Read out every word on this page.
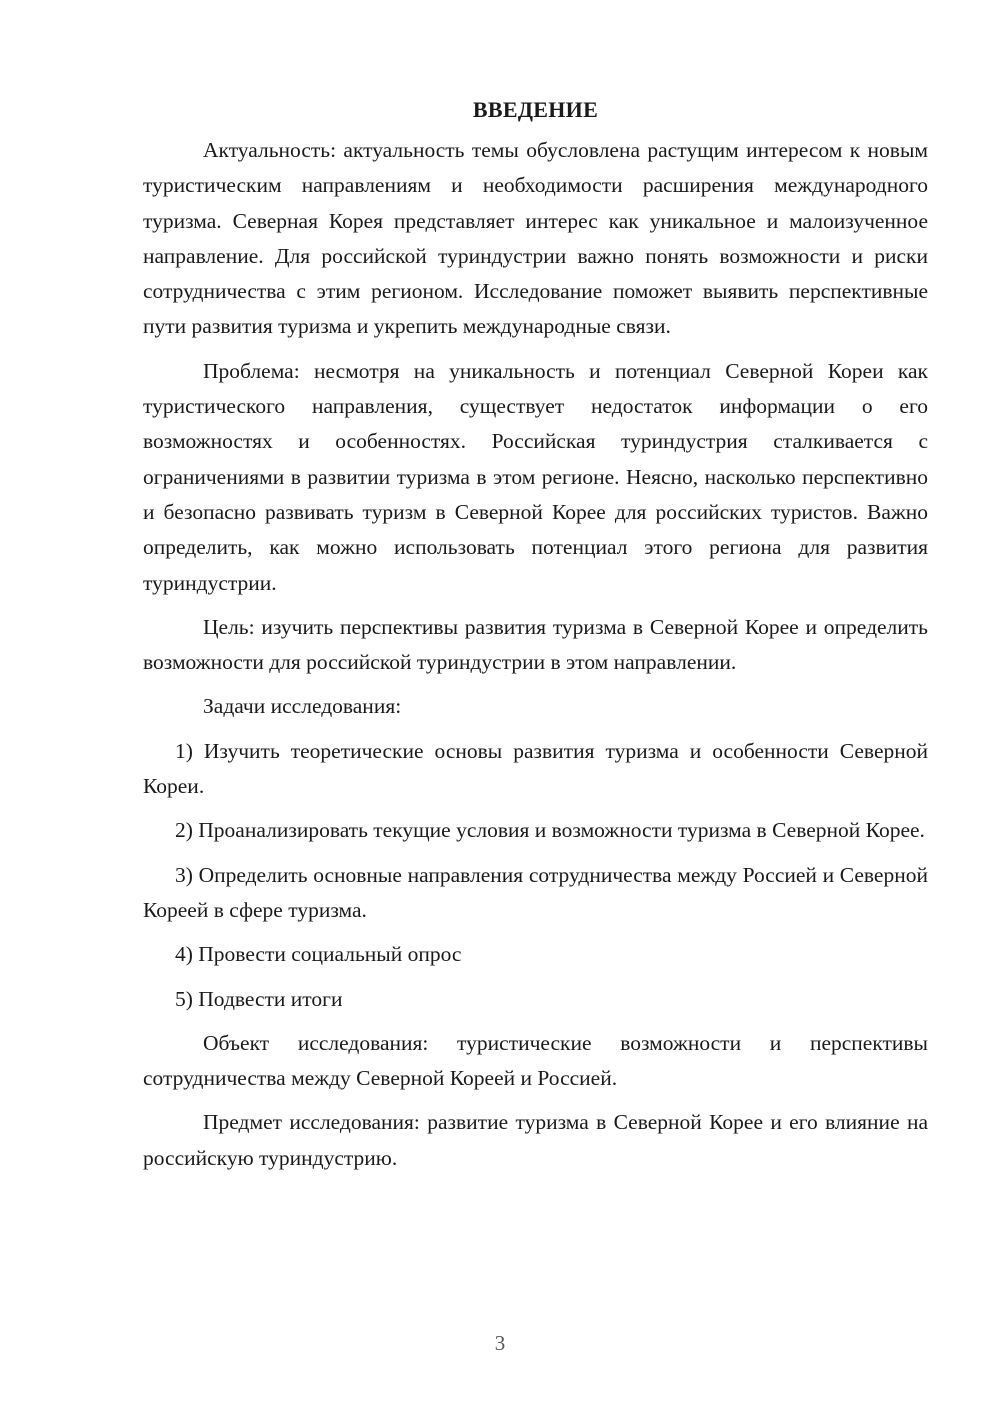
ВВЕДЕНИЕ

Актуальность: актуальность темы обусловлена растущим интересом к новым туристическим направлениям и необходимости расширения международного туризма. Северная Корея представляет интерес как уникальное и малоизученное направление. Для российской туриндустрии важно понять возможности и риски сотрудничества с этим регионом. Исследование поможет выявить перспективные пути развития туризма и укрепить международные связи.

Проблема: несмотря на уникальность и потенциал Северной Кореи как туристического направления, существует недостаток информации о его возможностях и особенностях. Российская туриндустрия сталкивается с ограничениями в развитии туризма в этом регионе. Неясно, насколько перспективно и безопасно развивать туризм в Северной Корее для российских туристов. Важно определить, как можно использовать потенциал этого региона для развития туриндустрии.

Цель: изучить перспективы развития туризма в Северной Корее и определить возможности для российской туриндустрии в этом направлении.

Задачи исследования:

1) Изучить теоретические основы развития туризма и особенности Северной Кореи.

2) Проанализировать текущие условия и возможности туризма в Северной Корее.

3) Определить основные направления сотрудничества между Россией и Северной Кореей в сфере туризма.

4) Провести социальный опрос

5) Подвести итоги

Объект исследования: туристические возможности и перспективы сотрудничества между Северной Кореей и Россией.

Предмет исследования: развитие туризма в Северной Корее и его влияние на российскую туриндустрию.

3
